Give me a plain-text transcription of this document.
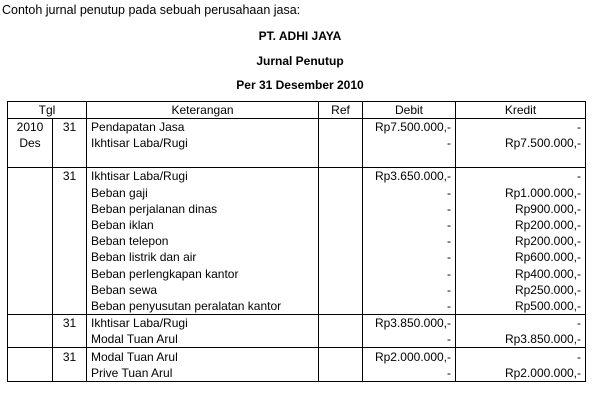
Contoh jurnal penutup pada sebuah perusahaan jasa:
PT. ADHI JAYA
Jurnal Penutup
Per 31 Desember 2010
Tgl		Keterangan	Ref	Debit	Kredit
2010	31	Pendapatan Jasa		Rp7.500.000,-	-
Des		Ikhtisar Laba/Rugi		-	Rp7.500.000,-

	31	Ikhtisar Laba/Rugi		Rp3.650.000,-	-
		Beban gaji		-	Rp1.000.000,-
		Beban perjalanan dinas		-	Rp900.000,-
		Beban iklan		-	Rp200.000,-
		Beban telepon		-	Rp200.000,-
		Beban listrik dan air		-	Rp600.000,-
		Beban perlengkapan kantor		-	Rp400.000,-
		Beban sewa		-	Rp250.000,-
		Beban penyusutan peralatan kantor		-	Rp500.000,-
	31	Ikhtisar Laba/Rugi		Rp3.850.000,-	-
		Modal Tuan Arul		-	Rp3.850.000,-
	31	Modal Tuan Arul		Rp2.000.000,-	-
		Prive Tuan Arul		-	Rp2.000.000,-
